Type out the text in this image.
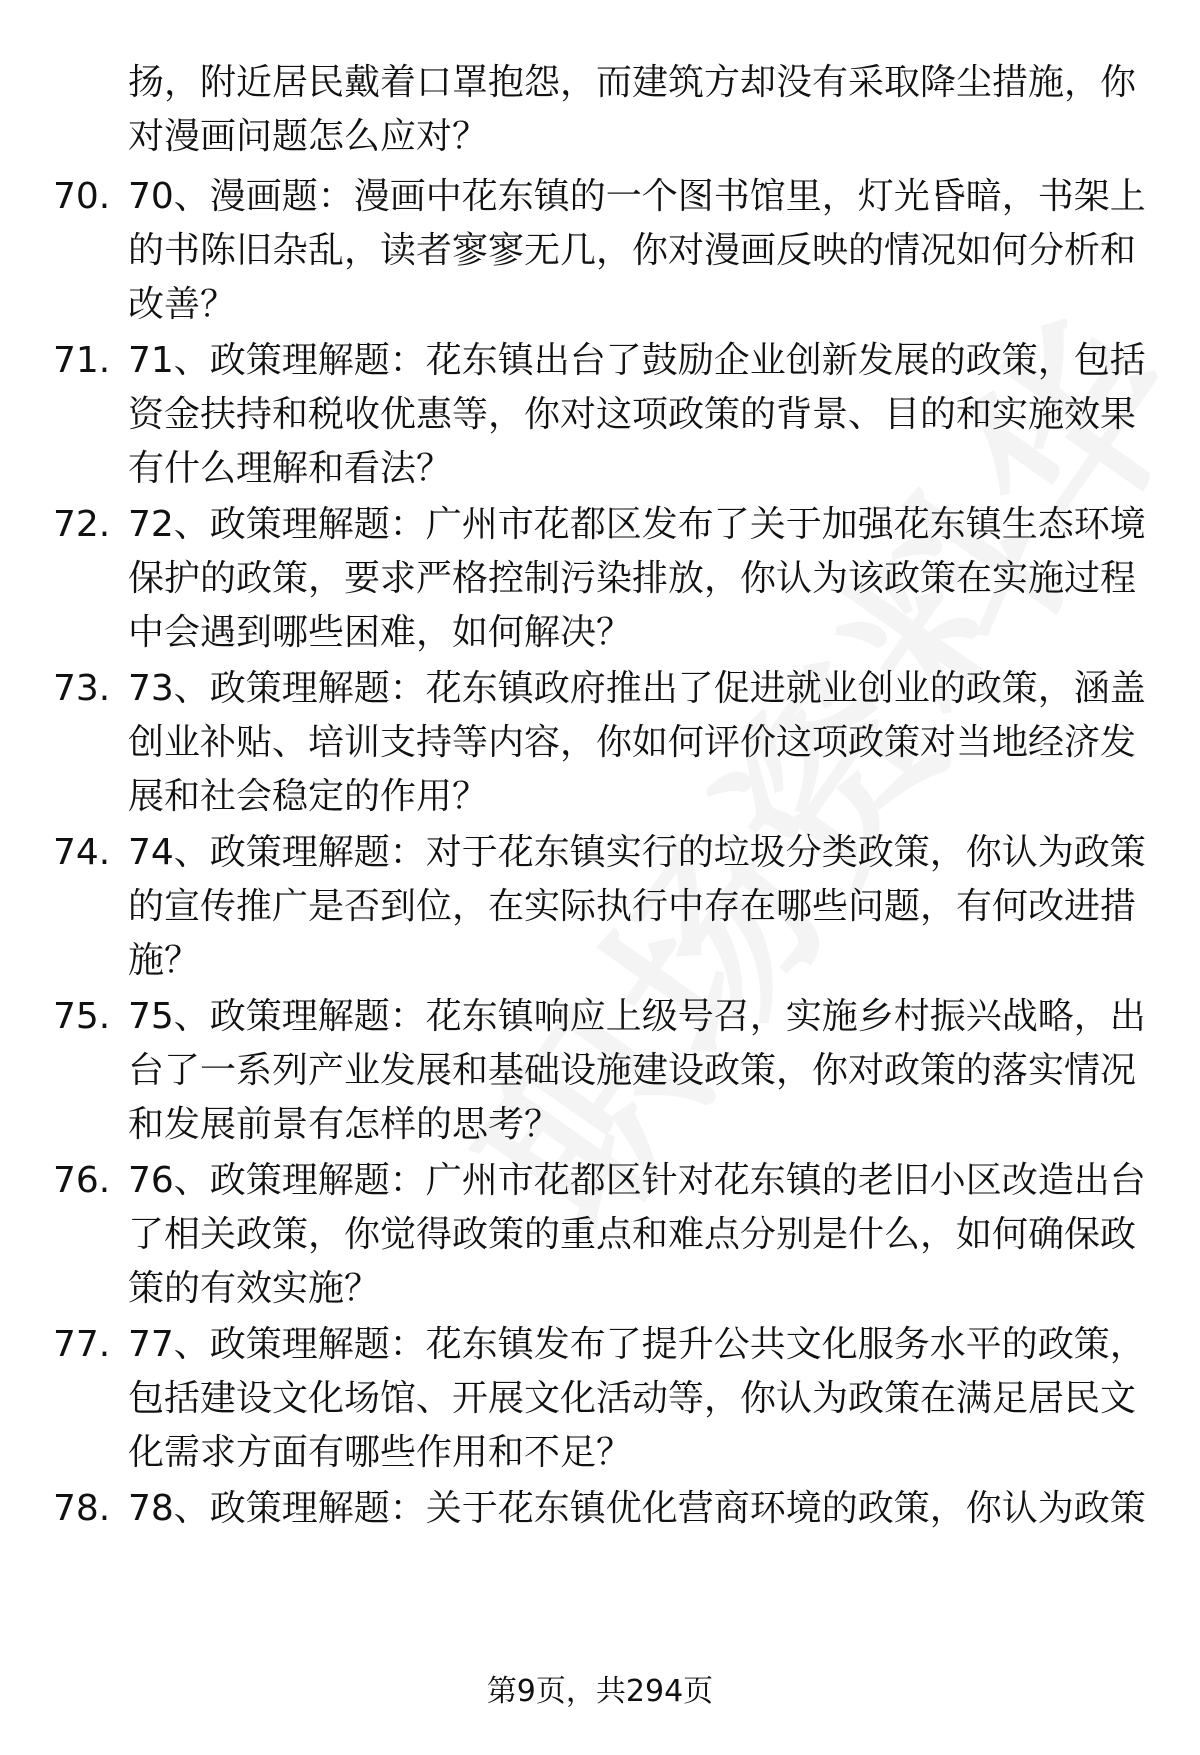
扬，附近居民戴着口罩抱怨，而建筑方却没有采取降尘措施，你对漫画问题怎么应对？

70. 70、漫画题：漫画中花东镇的一个图书馆里，灯光昏暗，书架上的书陈旧杂乱，读者寥寥无几，你对漫画反映的情况如何分析和改善？

71. 71、政策理解题：花东镇出台了鼓励企业创新发展的政策，包括资金扶持和税收优惠等，你对这项政策的背景、目的和实施效果有什么理解和看法？

72. 72、政策理解题：广州市花都区发布了关于加强花东镇生态环境保护的政策，要求严格控制污染排放，你认为该政策在实施过程中会遇到哪些困难，如何解决？

73. 73、政策理解题：花东镇政府推出了促进就业创业的政策，涵盖创业补贴、培训支持等内容，你如何评价这项政策对当地经济发展和社会稳定的作用？

74. 74、政策理解题：对于花东镇实行的垃圾分类政策，你认为政策的宣传推广是否到位，在实际执行中存在哪些问题，有何改进措施？

75. 75、政策理解题：花东镇响应上级号召，实施乡村振兴战略，出台了一系列产业发展和基础设施建设政策，你对政策的落实情况和发展前景有怎样的思考？

76. 76、政策理解题：广州市花都区针对花东镇的老旧小区改造出台了相关政策，你觉得政策的重点和难点分别是什么，如何确保政策的有效实施？

77. 77、政策理解题：花东镇发布了提升公共文化服务水平的政策，包括建设文化场馆、开展文化活动等，你认为政策在满足居民文化需求方面有哪些作用和不足？

78. 78、政策理解题：关于花东镇优化营商环境的政策，你认为政策

第9页，共294页
